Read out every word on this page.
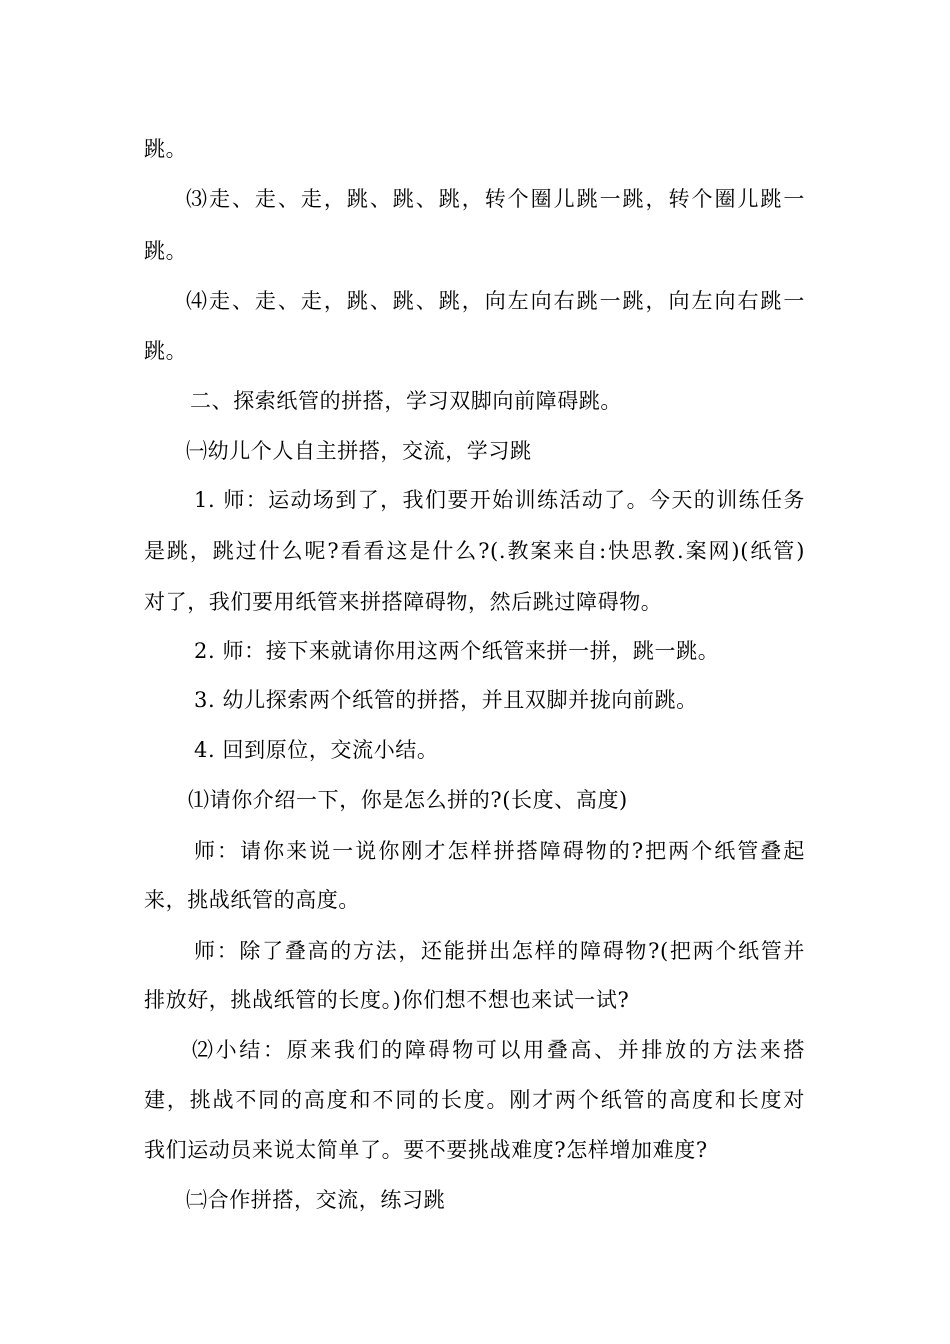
跳。
⑶走、走、走，跳、跳、跳，转个圈儿跳一跳，转个圈儿跳一
跳。
⑷走、走、走，跳、跳、跳，向左向右跳一跳，向左向右跳一
跳。
二、探索纸管的拼搭，学习双脚向前障碍跳。
㈠幼儿个人自主拼搭，交流，学习跳
1. 师：运动场到了，我们要开始训练活动了。今天的训练任务
是跳，跳过什么呢?看看这是什么?(.教案来自:快思教.案网)(纸管)
对了，我们要用纸管来拼搭障碍物，然后跳过障碍物。
2. 师：接下来就请你用这两个纸管来拼一拼，跳一跳。
3. 幼儿探索两个纸管的拼搭，并且双脚并拢向前跳。
4. 回到原位，交流小结。
⑴请你介绍一下，你是怎么拼的?(长度、高度)
师：请你来说一说你刚才怎样拼搭障碍物的?把两个纸管叠起
来，挑战纸管的高度。
师：除了叠高的方法，还能拼出怎样的障碍物?(把两个纸管并
排放好，挑战纸管的长度。)你们想不想也来试一试?
⑵小结：原来我们的障碍物可以用叠高、并排放的方法来搭
建，挑战不同的高度和不同的长度。刚才两个纸管的高度和长度对
我们运动员来说太简单了。要不要挑战难度?怎样增加难度?
㈡合作拼搭，交流，练习跳
